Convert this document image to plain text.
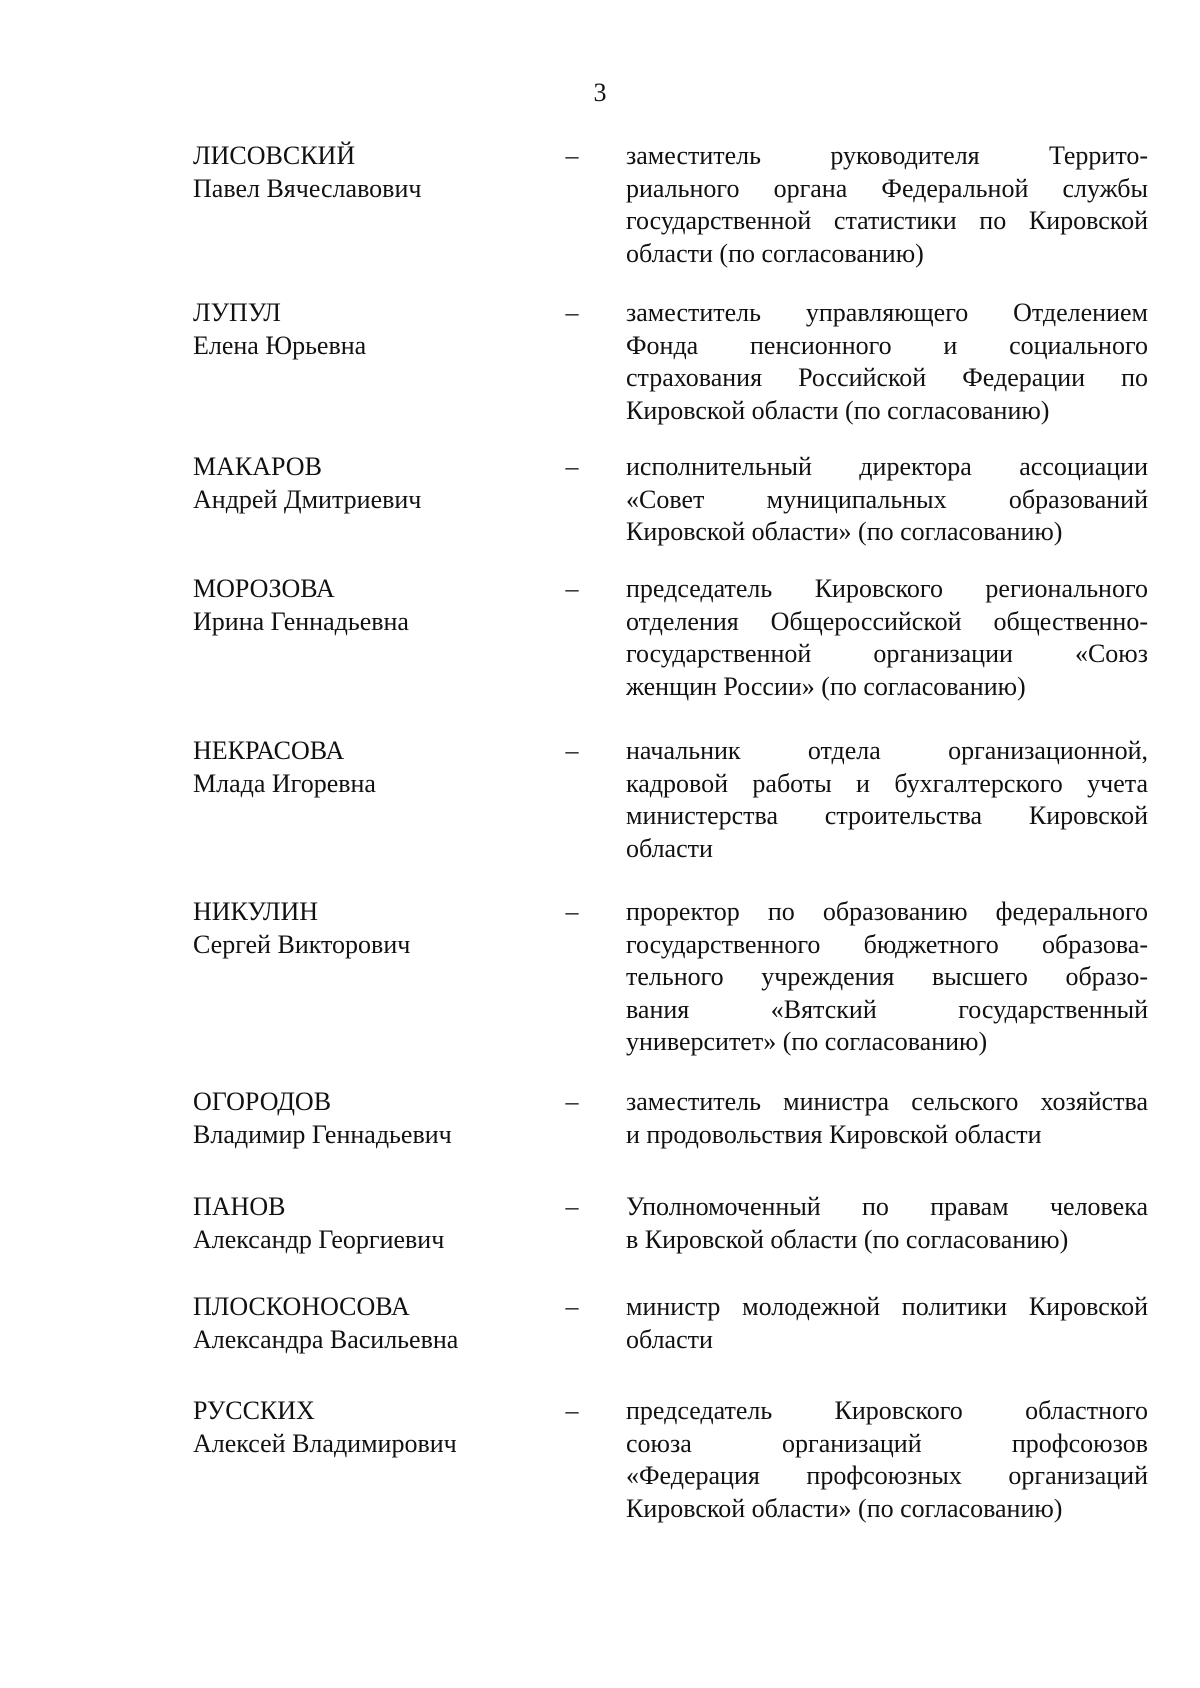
3
ЛИСОВСКИЙ
Павел Вячеславович
– заместитель руководителя Террито-
риального органа Федеральной службы
государственной статистики по Кировской
области (по согласованию)
ЛУПУЛ
Елена Юрьевна
– заместитель управляющего Отделением
Фонда пенсионного и социального
страхования Российской Федерации по
Кировской области (по согласованию)
МАКАРОВ
Андрей Дмитриевич
– исполнительный директора ассоциации
«Совет муниципальных образований
Кировской области» (по согласованию)
МОРОЗОВА
Ирина Геннадьевна
– председатель Кировского регионального
отделения Общероссийской общественно-
государственной организации «Союз
женщин России» (по согласованию)
НЕКРАСОВА
Млада Игоревна
– начальник отдела организационной,
кадровой работы и бухгалтерского учета
министерства строительства Кировской
области
НИКУЛИН
Сергей Викторович
– проректор по образованию федерального
государственного бюджетного образова-
тельного учреждения высшего образо-
вания «Вятский государственный
университет» (по согласованию)
ОГОРОДОВ
Владимир Геннадьевич
– заместитель министра сельского хозяйства
и продовольствия Кировской области
ПАНОВ
Александр Георгиевич
– Уполномоченный по правам человека
в Кировской области (по согласованию)
ПЛОСКОНОСОВА
Александра Васильевна
– министр молодежной политики Кировской
области
РУССКИХ
Алексей Владимирович
– председатель Кировского областного
союза организаций профсоюзов
«Федерация профсоюзных организаций
Кировской области» (по согласованию)
